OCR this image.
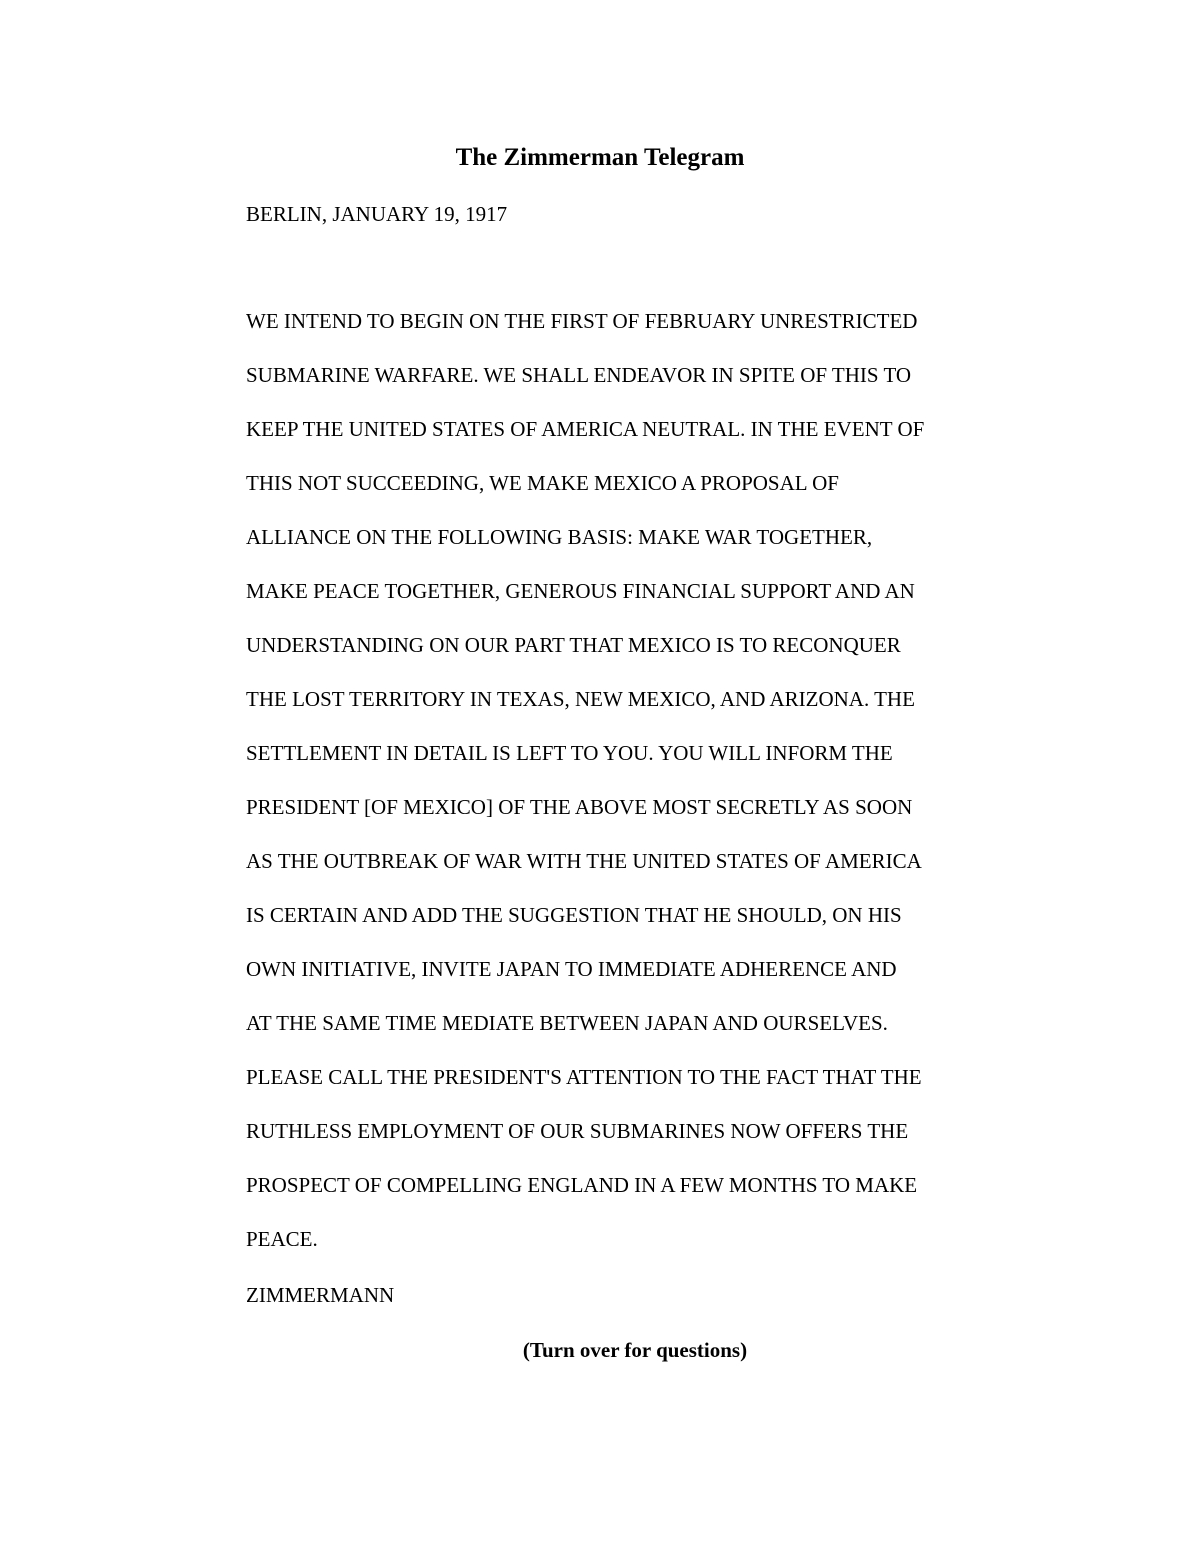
The Zimmerman Telegram
BERLIN, JANUARY 19, 1917
WE INTEND TO BEGIN ON THE FIRST OF FEBRUARY UNRESTRICTED
SUBMARINE WARFARE. WE SHALL ENDEAVOR IN SPITE OF THIS TO
KEEP THE UNITED STATES OF AMERICA NEUTRAL. IN THE EVENT OF
THIS NOT SUCCEEDING, WE MAKE MEXICO A PROPOSAL OF
ALLIANCE ON THE FOLLOWING BASIS: MAKE WAR TOGETHER,
MAKE PEACE TOGETHER, GENEROUS FINANCIAL SUPPORT AND AN
UNDERSTANDING ON OUR PART THAT MEXICO IS TO RECONQUER
THE LOST TERRITORY IN TEXAS, NEW MEXICO, AND ARIZONA. THE
SETTLEMENT IN DETAIL IS LEFT TO YOU. YOU WILL INFORM THE
PRESIDENT [OF MEXICO] OF THE ABOVE MOST SECRETLY AS SOON
AS THE OUTBREAK OF WAR WITH THE UNITED STATES OF AMERICA
IS CERTAIN AND ADD THE SUGGESTION THAT HE SHOULD, ON HIS
OWN INITIATIVE, INVITE JAPAN TO IMMEDIATE ADHERENCE AND
AT THE SAME TIME MEDIATE BETWEEN JAPAN AND OURSELVES.
PLEASE CALL THE PRESIDENT'S ATTENTION TO THE FACT THAT THE
RUTHLESS EMPLOYMENT OF OUR SUBMARINES NOW OFFERS THE
PROSPECT OF COMPELLING ENGLAND IN A FEW MONTHS TO MAKE
PEACE.
ZIMMERMANN
(Turn over for questions)
